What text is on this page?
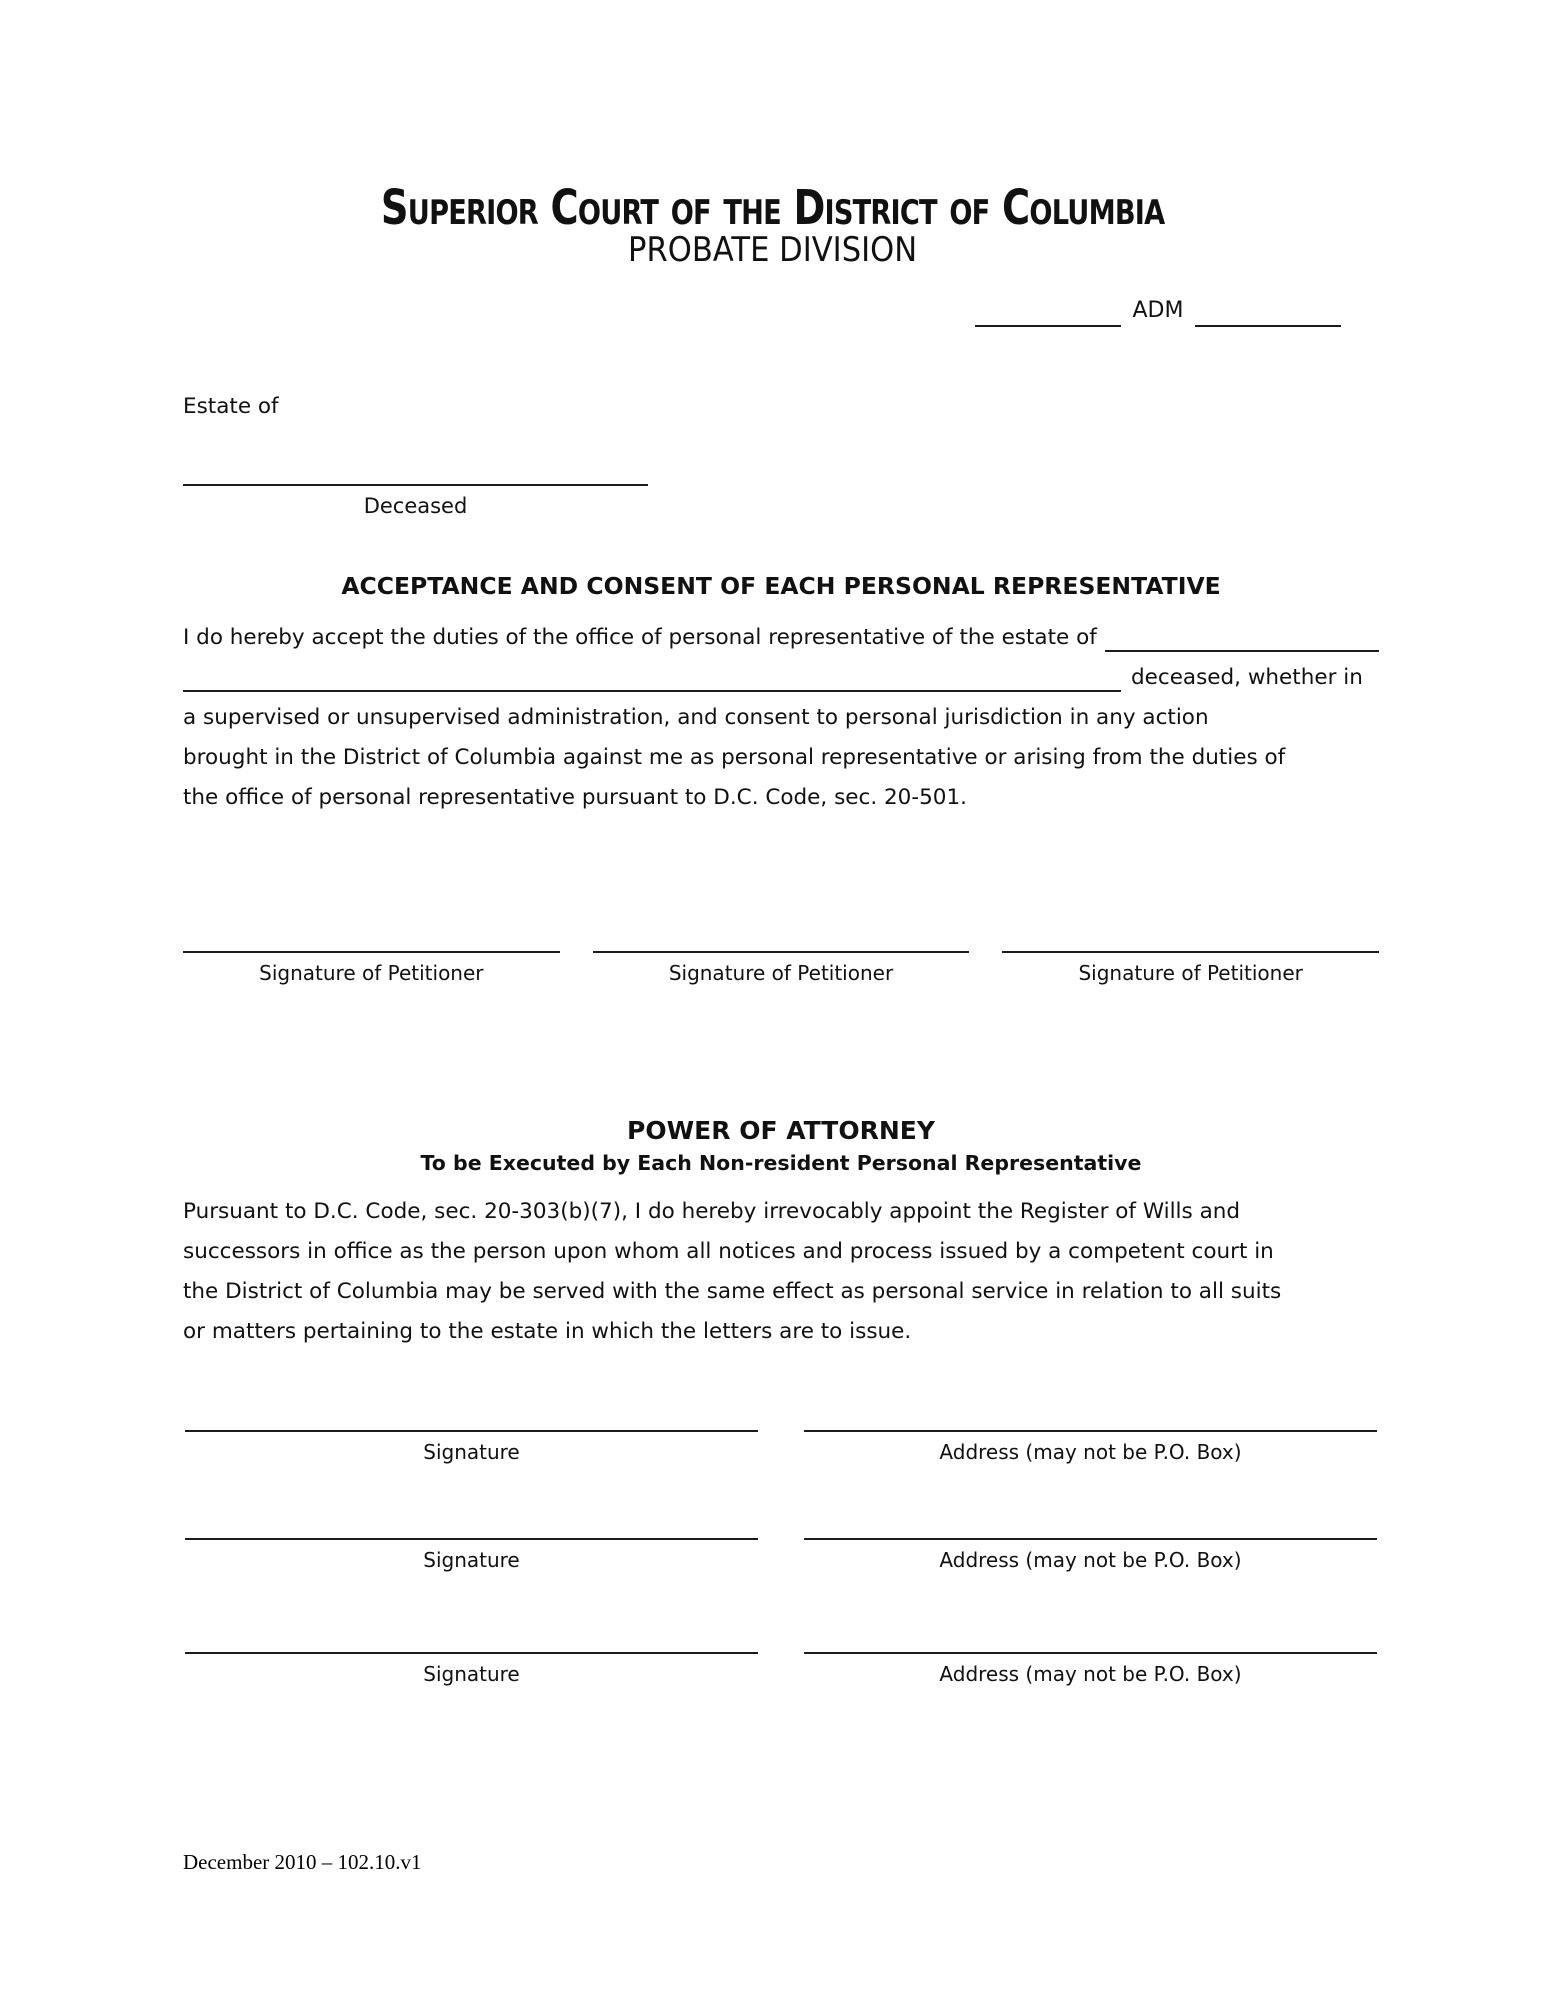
Superior Court of the District of Columbia
PROBATE DIVISION
ADM
Estate of
Deceased
ACCEPTANCE AND CONSENT OF EACH PERSONAL REPRESENTATIVE
I do hereby accept the duties of the office of personal representative of the estate of
deceased, whether in
a supervised or unsupervised administration, and consent to personal jurisdiction in any action
brought in the District of Columbia against me as personal representative or arising from the duties of
the office of personal representative pursuant to D.C. Code, sec. 20-501.
Signature of Petitioner	Signature of Petitioner	Signature of Petitioner
POWER OF ATTORNEY
To be Executed by Each Non-resident Personal Representative
Pursuant to D.C. Code, sec. 20-303(b)(7), I do hereby irrevocably appoint the Register of Wills and
successors in office as the person upon whom all notices and process issued by a competent court in
the District of Columbia may be served with the same effect as personal service in relation to all suits
or matters pertaining to the estate in which the letters are to issue.
Signature	Address (may not be P.O. Box)
Signature	Address (may not be P.O. Box)
Signature	Address (may not be P.O. Box)
December 2010 – 102.10.v1
